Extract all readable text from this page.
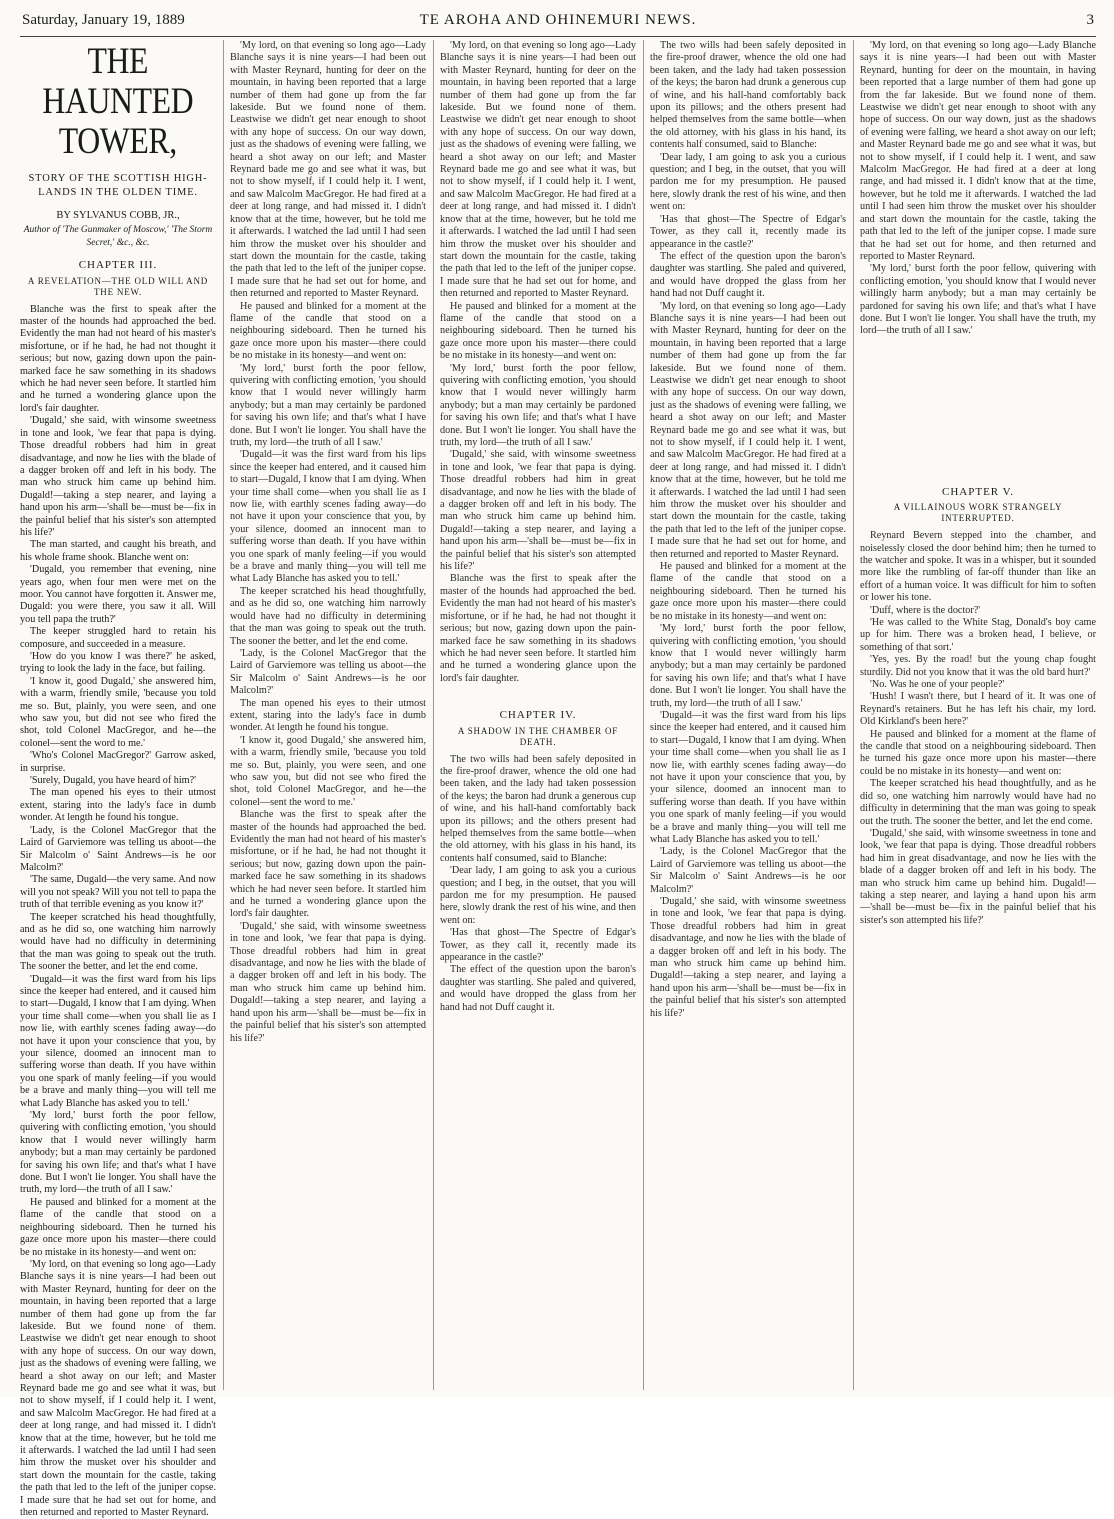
Saturday, January 19, 1889	TE AROHA AND OHINEMURI NEWS.	3
THE HAUNTED TOWER,
STORY OF THE SCOTTISH HIGH-LANDS IN THE OLDEN TIME.
BY SYLVANUS COBB, JR.,
Author of 'The Gunmaker of Moscow,' 'The Storm Secret,' &c., &c.
CHAPTER III.
A REVELATION—THE OLD WILL AND THE NEW.

Blanche was the first to speak after the master of the hounds had approached the bed. Evidently the man had not heard of his master's misfortune, or if he had, he had not thought it serious; but now, gazing down upon the pain-marked face he saw something in its shadows which he had never seen before. It startled him and he turned a wondering glance upon the lord's fair daughter.

'Dugald,' she said, with winsome sweetness in tone and look, 'we fear that papa is dying. Those dreadful robbers had him in great disadvantage, and now he lies with the blade of a dagger broken off and left in his body. The man who struck him came up behind him. Dugald!—taking a step nearer, and laying a hand upon his arm—'shall be—must be—fix in the painful belief that his sister's son attempted his life?'

The man started, and caught his breath, and his whole frame shook. Blanche went on:

'Dugald, you remember that evening, nine years ago, when four men were met on the moor. You cannot have forgotten it. Answer me, Dugald: you were there, you saw it all. Will you tell papa the truth?'

The keeper struggled hard to retain his composure, and succeeded in a measure.

'How do you know I was there?' he asked, trying to look the lady in the face, but failing.

'I know it, good Dugald,' she answered him, with a warm, friendly smile, 'because you told me so. But, plainly, you were seen, and one who saw you, but did not see who fired the shot, told Colonel MacGregor, and he—the colonel—sent the word to me.'

'Who's Colonel MacGregor?' Garrow asked, in surprise.

'Surely, Dugald, you have heard of him?'

The man opened his eyes to their utmost extent, staring into the lady's face in dumb wonder. At length he found his tongue.

'Lady, is the Colonel MacGregor that the Laird of Garviemore was telling us aboot—the Sir Malcolm o' Saint Andrews—is he oor Malcolm?'

'The same, Dugald—the very same. And now will you not speak? Will you not tell to papa the truth of that terrible evening as you know it?'

The keeper scratched his head thoughtfully, and as he did so, one watching him narrowly would have had no difficulty in determining that the man was going to speak out the truth. The sooner the better, and let the end come.

'Dugald—it was the first ward from his lips since the keeper had entered, and it caused him to start—Dugald, I know that I am dying. When your time shall come—when you shall lie as I now lie, with earthly scenes fading away—do not have it upon your conscience that you, by your silence, doomed an innocent man to suffering worse than death. If you have within you one spark of manly feeling—if you would be a brave and manly thing—you will tell me what Lady Blanche has asked you to tell.'

'My lord,' burst forth the poor fellow, quivering with conflicting emotion, 'you should know that I would never willingly harm anybody; but a man may certainly be pardoned for saving his own life; and that's what I have done. But I won't lie longer. You shall have the truth, my lord—the truth of all I saw.'

He paused and blinked for a moment at the flame of the candle that stood on a neighbouring sideboard. Then he turned his gaze once more upon his master—there could be no mistake in its honesty—and went on:

'My lord, on that evening so long ago—Lady Blanche says it is nine years—I had been out with Master Reynard, hunting for deer on the mountain, in having been reported that a large number of them had gone up from the far lakeside. But we found none of them. Leastwise we didn't get near enough to shoot with any hope of success. On our way down, just as the shadows of evening were falling, we heard a shot away on our left; and Master Reynard bade me go and see what it was, but not to show myself, if I could help it. I went, and saw Malcolm MacGregor. He had fired at a deer at long range, and had missed it. I didn't know that at the time, however, but he told me it afterwards. I watched the lad until I had seen him throw the musket over his shoulder and start down the mountain for the castle, taking the path that led to the left of the juniper copse. I made sure that he had set out for home, and then returned and reported to Master Reynard.

'My lord, on that evening so long ago—Lady Blanche says it is nine years—I had been out with Master Reynard, hunting for deer on the mountain, in having been reported that a large number of them had gone up from the far lakeside. But we found none of them. Leastwise we didn't get near enough to shoot with any hope of success. On our way down, just as the shadows of evening were falling, we heard a shot away on our left; and Master Reynard bade me go and see what it was, but not to show myself, if I could help it. I went, and saw Malcolm MacGregor. He had fired at a deer at long range, and had missed it. I didn't know that at the time, however, but he told me it afterwards. I watched the lad until I had seen him throw the musket over his shoulder and start down the mountain for the castle, taking the path that led to the left of the juniper copse. I made sure that he had set out for home, and then returned and reported to Master Reynard.

He paused and blinked for a moment at the flame of the candle that stood on a neighbouring sideboard. Then he turned his gaze once more upon his master—there could be no mistake in its honesty—and went on:

'My lord,' burst forth the poor fellow, quivering with conflicting emotion, 'you should know that I would never willingly harm anybody; but a man may certainly be pardoned for saving his own life; and that's what I have done. But I won't lie longer. You shall have the truth, my lord—the truth of all I saw.'

'Dugald—it was the first ward from his lips since the keeper had entered, and it caused him to start—Dugald, I know that I am dying. When your time shall come—when you shall lie as I now lie, with earthly scenes fading away—do not have it upon your conscience that you, by your silence, doomed an innocent man to suffering worse than death. If you have within you one spark of manly feeling—if you would be a brave and manly thing—you will tell me what Lady Blanche has asked you to tell.'

The keeper scratched his head thoughtfully, and as he did so, one watching him narrowly would have had no difficulty in determining that the man was going to speak out the truth. The sooner the better, and let the end come.

'Lady, is the Colonel MacGregor that the Laird of Garviemore was telling us aboot—the Sir Malcolm o' Saint Andrews—is he oor Malcolm?'

The man opened his eyes to their utmost extent, staring into the lady's face in dumb wonder. At length he found his tongue.

'I know it, good Dugald,' she answered him, with a warm, friendly smile, 'because you told me so. But, plainly, you were seen, and one who saw you, but did not see who fired the shot, told Colonel MacGregor, and he—the colonel—sent the word to me.'

Blanche was the first to speak after the master of the hounds had approached the bed. Evidently the man had not heard of his master's misfortune, or if he had, he had not thought it serious; but now, gazing down upon the pain-marked face he saw something in its shadows which he had never seen before. It startled him and he turned a wondering glance upon the lord's fair daughter.

'Dugald,' she said, with winsome sweetness in tone and look, 'we fear that papa is dying. Those dreadful robbers had him in great disadvantage, and now he lies with the blade of a dagger broken off and left in his body. The man who struck him came up behind him. Dugald!—taking a step nearer, and laying a hand upon his arm—'shall be—must be—fix in the painful belief that his sister's son attempted his life?'

'My lord, on that evening so long ago—Lady Blanche says it is nine years—I had been out with Master Reynard, hunting for deer on the mountain, in having been reported that a large number of them had gone up from the far lakeside. But we found none of them. Leastwise we didn't get near enough to shoot with any hope of success. On our way down, just as the shadows of evening were falling, we heard a shot away on our left; and Master Reynard bade me go and see what it was, but not to show myself, if I could help it. I went, and saw Malcolm MacGregor. He had fired at a deer at long range, and had missed it. I didn't know that at the time, however, but he told me it afterwards. I watched the lad until I had seen him throw the musket over his shoulder and start down the mountain for the castle, taking the path that led to the left of the juniper copse. I made sure that he had set out for home, and then returned and reported to Master Reynard.

He paused and blinked for a moment at the flame of the candle that stood on a neighbouring sideboard. Then he turned his gaze once more upon his master—there could be no mistake in its honesty—and went on:

'My lord,' burst forth the poor fellow, quivering with conflicting emotion, 'you should know that I would never willingly harm anybody; but a man may certainly be pardoned for saving his own life; and that's what I have done. But I won't lie longer. You shall have the truth, my lord—the truth of all I saw.'

'Dugald,' she said, with winsome sweetness in tone and look, 'we fear that papa is dying. Those dreadful robbers had him in great disadvantage, and now he lies with the blade of a dagger broken off and left in his body. The man who struck him came up behind him. Dugald!—taking a step nearer, and laying a hand upon his arm—'shall be—must be—fix in the painful belief that his sister's son attempted his life?'

Blanche was the first to speak after the master of the hounds had approached the bed. Evidently the man had not heard of his master's misfortune, or if he had, he had not thought it serious; but now, gazing down upon the pain-marked face he saw something in its shadows which he had never seen before. It startled him and he turned a wondering glance upon the lord's fair daughter.

CHAPTER IV.
A SHADOW IN THE CHAMBER OF DEATH.

The two wills had been safely deposited in the fire-proof drawer, whence the old one had been taken, and the lady had taken possession of the keys; the baron had drunk a generous cup of wine, and his hall-hand comfortably back upon its pillows; and the others present had helped themselves from the same bottle—when the old attorney, with his glass in his hand, its contents half consumed, said to Blanche:

'Dear lady, I am going to ask you a curious question; and I beg, in the outset, that you will pardon me for my presumption. He paused here, slowly drank the rest of his wine, and then went on:

'Has that ghost—The Spectre of Edgar's Tower, as they call it, recently made its appearance in the castle?'

The effect of the question upon the baron's daughter was startling. She paled and quivered, and would have dropped the glass from her hand had not Duff caught it.

The two wills had been safely deposited in the fire-proof drawer, whence the old one had been taken, and the lady had taken possession of the keys; the baron had drunk a generous cup of wine, and his hall-hand comfortably back upon its pillows; and the others present had helped themselves from the same bottle—when the old attorney, with his glass in his hand, its contents half consumed, said to Blanche:

'Dear lady, I am going to ask you a curious question; and I beg, in the outset, that you will pardon me for my presumption. He paused here, slowly drank the rest of his wine, and then went on:

'Has that ghost—The Spectre of Edgar's Tower, as they call it, recently made its appearance in the castle?'

The effect of the question upon the baron's daughter was startling. She paled and quivered, and would have dropped the glass from her hand had not Duff caught it.

'My lord, on that evening so long ago—Lady Blanche says it is nine years—I had been out with Master Reynard, hunting for deer on the mountain, in having been reported that a large number of them had gone up from the far lakeside. But we found none of them. Leastwise we didn't get near enough to shoot with any hope of success. On our way down, just as the shadows of evening were falling, we heard a shot away on our left; and Master Reynard bade me go and see what it was, but not to show myself, if I could help it. I went, and saw Malcolm MacGregor. He had fired at a deer at long range, and had missed it. I didn't know that at the time, however, but he told me it afterwards. I watched the lad until I had seen him throw the musket over his shoulder and start down the mountain for the castle, taking the path that led to the left of the juniper copse. I made sure that he had set out for home, and then returned and reported to Master Reynard.

He paused and blinked for a moment at the flame of the candle that stood on a neighbouring sideboard. Then he turned his gaze once more upon his master—there could be no mistake in its honesty—and went on:

'My lord,' burst forth the poor fellow, quivering with conflicting emotion, 'you should know that I would never willingly harm anybody; but a man may certainly be pardoned for saving his own life; and that's what I have done. But I won't lie longer. You shall have the truth, my lord—the truth of all I saw.'

'Dugald—it was the first ward from his lips since the keeper had entered, and it caused him to start—Dugald, I know that I am dying. When your time shall come—when you shall lie as I now lie, with earthly scenes fading away—do not have it upon your conscience that you, by your silence, doomed an innocent man to suffering worse than death. If you have within you one spark of manly feeling—if you would be a brave and manly thing—you will tell me what Lady Blanche has asked you to tell.'

'Lady, is the Colonel MacGregor that the Laird of Garviemore was telling us aboot—the Sir Malcolm o' Saint Andrews—is he oor Malcolm?'

'Dugald,' she said, with winsome sweetness in tone and look, 'we fear that papa is dying. Those dreadful robbers had him in great disadvantage, and now he lies with the blade of a dagger broken off and left in his body. The man who struck him came up behind him. Dugald!—taking a step nearer, and laying a hand upon his arm—'shall be—must be—fix in the painful belief that his sister's son attempted his life?'

'My lord, on that evening so long ago—Lady Blanche says it is nine years—I had been out with Master Reynard, hunting for deer on the mountain, in having been reported that a large number of them had gone up from the far lakeside. But we found none of them. Leastwise we didn't get near enough to shoot with any hope of success. On our way down, just as the shadows of evening were falling, we heard a shot away on our left; and Master Reynard bade me go and see what it was, but not to show myself, if I could help it. I went, and saw Malcolm MacGregor. He had fired at a deer at long range, and had missed it. I didn't know that at the time, however, but he told me it afterwards. I watched the lad until I had seen him throw the musket over his shoulder and start down the mountain for the castle, taking the path that led to the left of the juniper copse. I made sure that he had set out for home, and then returned and reported to Master Reynard.

'My lord,' burst forth the poor fellow, quivering with conflicting emotion, 'you should know that I would never willingly harm anybody; but a man may certainly be pardoned for saving his own life; and that's what I have done. But I won't lie longer. You shall have the truth, my lord—the truth of all I saw.'

CHAPTER V.
A VILLAINOUS WORK STRANGELY INTERRUPTED.

Reynard Bevern stepped into the chamber, and noiselessly closed the door behind him; then he turned to the watcher and spoke. It was in a whisper, but it sounded more like the rumbling of far-off thunder than like an effort of a human voice. It was difficult for him to soften or lower his tone.

'Duff, where is the doctor?'

'He was called to the White Stag, Donald's boy came up for him. There was a broken head, I believe, or something of that sort.'

'Yes, yes. By the road! but the young chap fought sturdily. Did not you know that it was the old bard hurt?'

'No. Was he one of your people?'

'Hush! I wasn't there, but I heard of it. It was one of Reynard's retainers. But he has left his chair, my lord. Old Kirkland's been here?'

He paused and blinked for a moment at the flame of the candle that stood on a neighbouring sideboard. Then he turned his gaze once more upon his master—there could be no mistake in its honesty—and went on:

The keeper scratched his head thoughtfully, and as he did so, one watching him narrowly would have had no difficulty in determining that the man was going to speak out the truth. The sooner the better, and let the end come.

'Dugald,' she said, with winsome sweetness in tone and look, 'we fear that papa is dying. Those dreadful robbers had him in great disadvantage, and now he lies with the blade of a dagger broken off and left in his body. The man who struck him came up behind him. Dugald!—taking a step nearer, and laying a hand upon his arm—'shall be—must be—fix in the painful belief that his sister's son attempted his life?'
